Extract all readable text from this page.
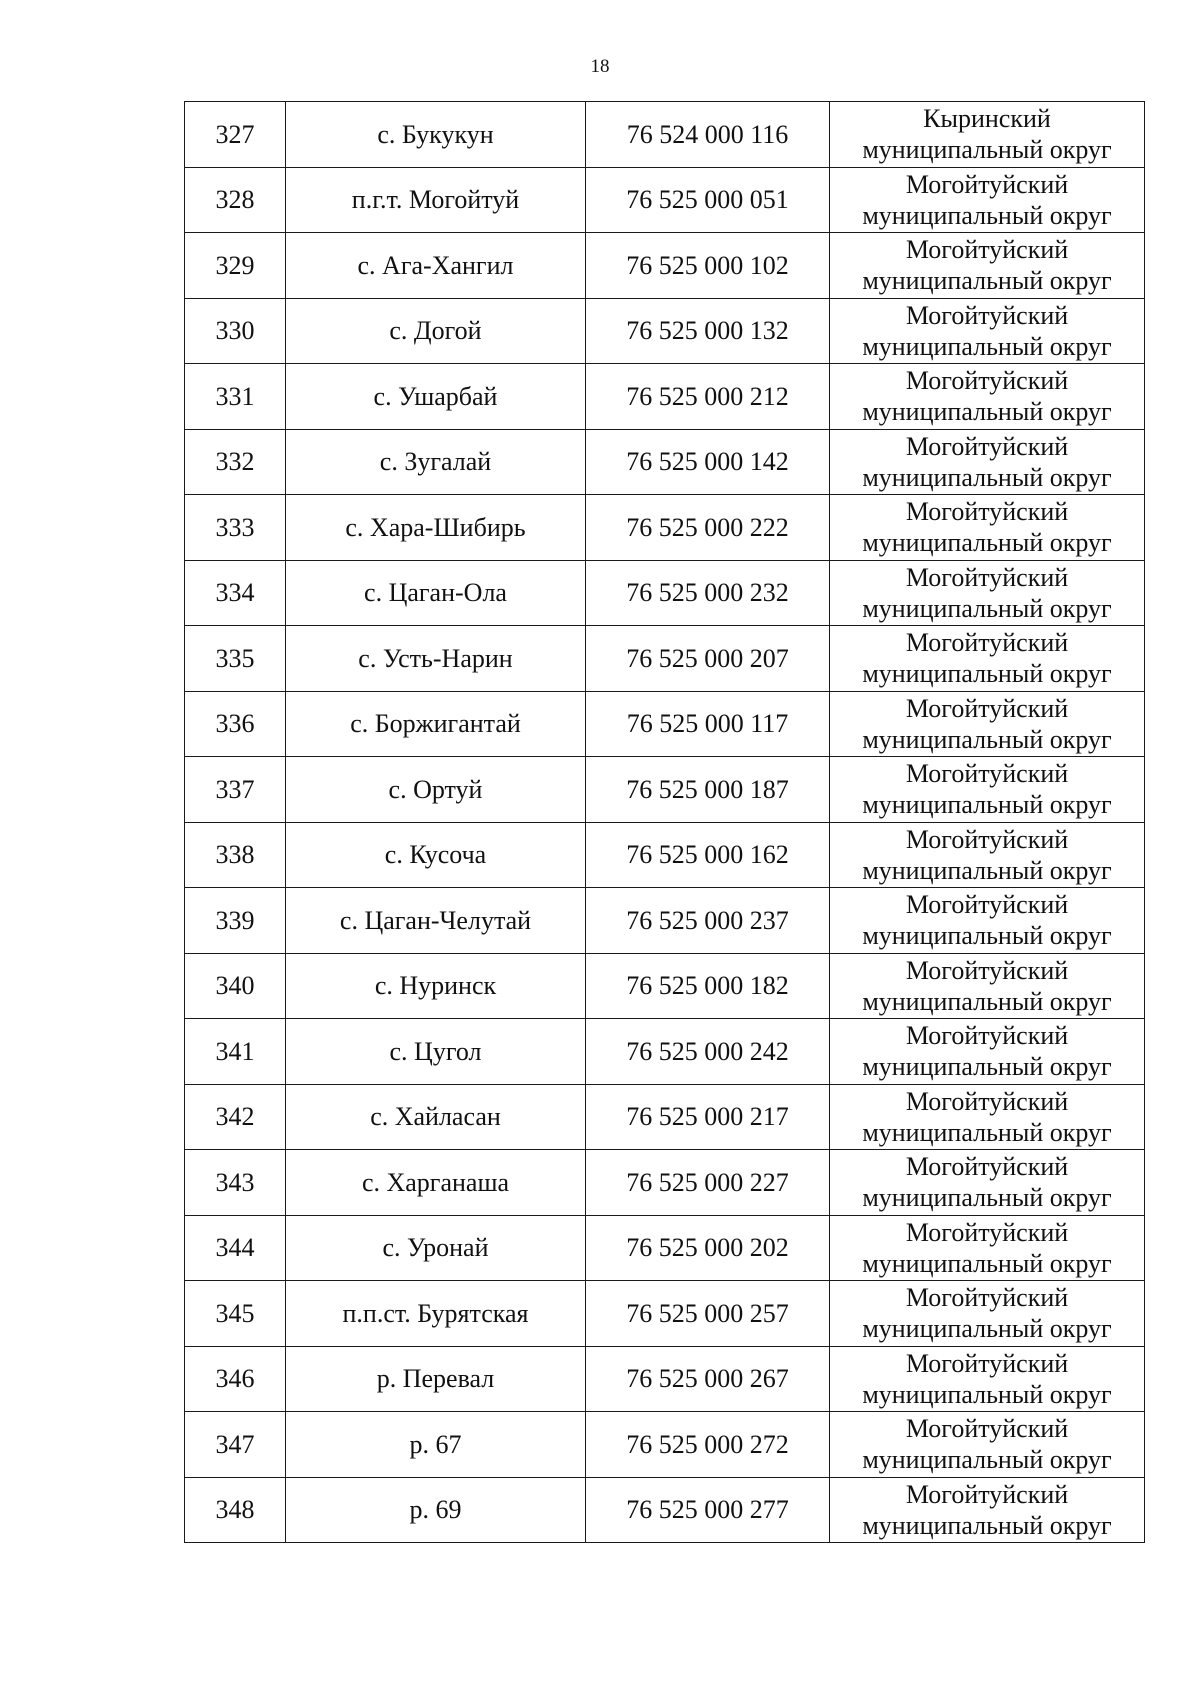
18
327	с. Букукун	76 524 000 116	Кыринский
муниципальный округ

328	п.г.т. Могойтуй	76 525 000 051	Могойтуйский
муниципальный округ

329	с. Ага-Хангил	76 525 000 102	Могойтуйский
муниципальный округ

330	с. Догой	76 525 000 132	Могойтуйский
муниципальный округ

331	с. Ушарбай	76 525 000 212	Могойтуйский
муниципальный округ

332	с. Зугалай	76 525 000 142	Могойтуйский
муниципальный округ

333	с. Хара-Шибирь	76 525 000 222	Могойтуйский
муниципальный округ

334	с. Цаган-Ола	76 525 000 232	Могойтуйский
муниципальный округ

335	с. Усть-Нарин	76 525 000 207	Могойтуйский
муниципальный округ

336	с. Боржигантай	76 525 000 117	Могойтуйский
муниципальный округ

337	с. Ортуй	76 525 000 187	Могойтуйский
муниципальный округ

338	с. Кусоча	76 525 000 162	Могойтуйский
муниципальный округ

339	с. Цаган-Челутай	76 525 000 237	Могойтуйский
муниципальный округ

340	с. Нуринск	76 525 000 182	Могойтуйский
муниципальный округ

341	с. Цугол	76 525 000 242	Могойтуйский
муниципальный округ

342	с. Хайласан	76 525 000 217	Могойтуйский
муниципальный округ

343	с. Харганаша	76 525 000 227	Могойтуйский
муниципальный округ

344	с. Уронай	76 525 000 202	Могойтуйский
муниципальный округ

345	п.п.ст. Бурятская	76 525 000 257	Могойтуйский
муниципальный округ

346	р. Перевал	76 525 000 267	Могойтуйский
муниципальный округ

347	р. 67	76 525 000 272	Могойтуйский
муниципальный округ

348	р. 69	76 525 000 277	Могойтуйский
муниципальный округ
